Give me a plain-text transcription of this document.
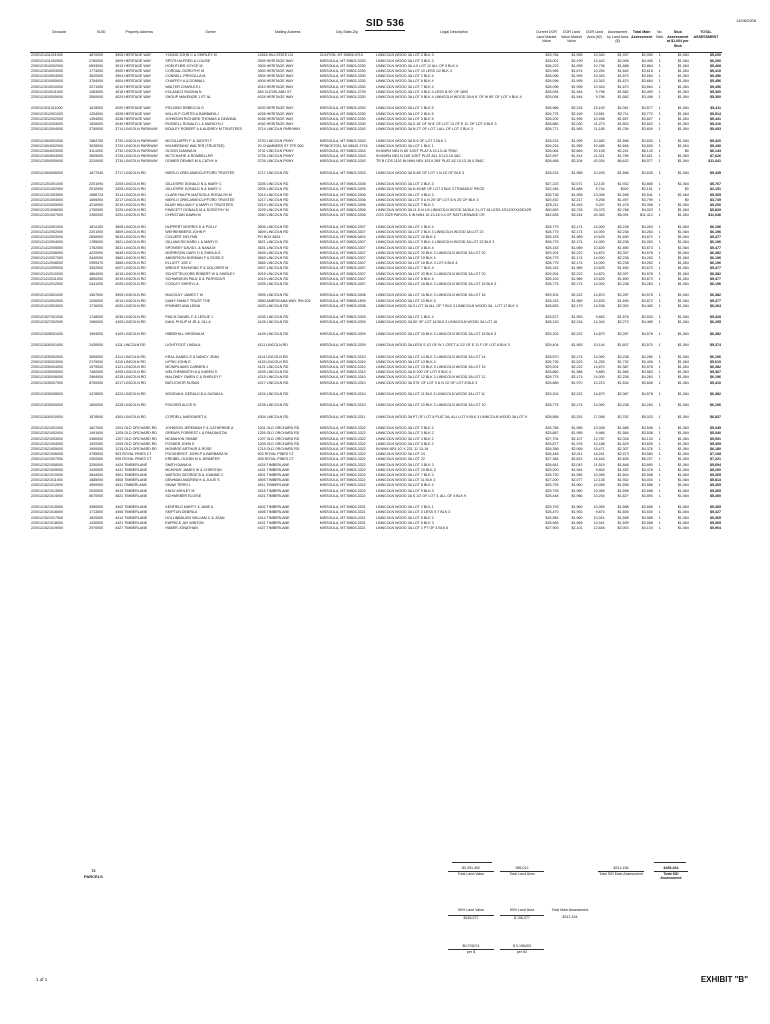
SID 536	11/06/2008
Geocode	SUID	Property Address	Owner	Mailing Address	City-State-Zip	Legal Description	Current DOR Land Market Value	DOR Land Value Market Value	DOR Land Area (ft2)	Assessment by Land Area ($)	Total Main Assessment	No. Bids	Stub Assessment at $1,064 per Stub	TOTAL ASSESSMENT
2200121411001000	4870000	3905 HERITAGE WAY	YOUNG JOHN C & SHIRLEY M	14516 HILLSTATE LN	CLINTON, MT 59825-9710	LINNCOLN WOOD 3A LOT 2 BLK 3	$25,756	$1,955	10,340	$1,937	$2,050	1	$1,064	$5,200
2200121411002000	2760000	3909 HERITAGE WAY	SPOTH ALFRED & LOUISE	3909 HERITAGE WAY	MISSOULA, MT 59803-3330	LINNCOLN WOOD 3A LOT 3 BLK 3	$26,001	$2,199	14,442	$2,008	$4,405	1	$1,064	$6,200
2200121510002000	6593000	3913 HERITAGE WAY	HOEHTHER JOYCE M	3904 HERITAGE WAY	MISSOULA, MT 59803-3330	LINNCOLN WOOD 3A 4-5 LOT 12 ALL OF 5 BLK 4	$26,223	$1,995	10,736	$1,688	$3,864	1	$1,064	$5,468
2200121510003000	1774000	3900 HERITAGE WAY	CORDIAL DOROTHY M	3900 HERITAGE WAY	MISSOULA, MT 59803-3330	LINNCOLN WOOD 3A LOT 10 LESS 1/2 BLK 4	$23,955	$1,674	10,254	$1,640	$3,615	1	$1,064	$5,410
2200121510004000	3520000	3904 HERITAGE WAY	CONNELL PRISCILLA M	3904 HERITAGE WAY	MISSOULA, MT 59803-3330	LINNCOLN WOOD 3A LOT 1 BLK 4	$26,096	$1,995	10,343	$1,670	$3,654	1	$1,064	$5,456
2200121510005000	3754000	4004 HERITAGE WAY	CHAFFEY A & DONNA L	4004 HERITAGE WAY	MISSOULA, MT 59803-3330	LINNCOLN WOOD 3A LOT 8 BLK 4	$26,096	$1,995	10,343	$1,670	$3,664	1	$1,064	$5,456
2200121510010000	2071000	4010 HERITAGE WAY	WALTER CHARLES L	4010 HERITAGE WAY	MISSOULA, MT 59803-3330	LINNCOLN WOOD 3A LOT 7 BLK 4	$26,096	$1,995	10,343	$1,670	$3,664	1	$1,064	$5,456
2200121510011000	1083000	4018 HERITAGE WAY	KOLANICZ RUDINA N	840 CLEVELAND ST	MISSOULA, MT 59801-3739	LINNCOLN WOOD 3A LOT 4 BLK 4 LESS N 90' OF 1800	$25,094	$1,944	9,796	$1,582	$3,490	1	$1,064	$5,300
2200121510005000	3500000	4024 HERITAGE WAY	SHOUP MAKENZIE J ET AL	4024 HERITAGE WAY	MISSOULA, MT 59803-3330	LINNCOLN WOOD 3A LOT 5 BLK 4 LINNCOLN WOOD 3A N 6' OF W 80' OF LOT 4 BLK 4	$25,094	$1,944	9,796	$1,582	$3,496	1	$1,064	$5,300

2200121511011000	1615000	4020 HERITAGE WAY	FIELDING REBECCA G	4020 HERITAGE WAY	MISSOULA, MT 59803-3330	LINNCOLN WOOD 3A LOT 1 BLK 5	$26,966	$2,234	15,100	$2,061	$4,577	1	$1,064	$5,411
2200121512001000	1254000	4028 HERITAGE WAY	WILLIS P CURTIS & BARBARA J	4028 HERITAGE WAY	MISSOULA, MT 59803-3330	LINNCOLN WOOD 3A LOT 2 BLK 5	$26,775	$2,169	13,551	$2,711	$3,770	1	$1,064	$5,514
2200121512002000	1394000	4036 HERITAGE WAY	JOHNSON RICHARD THOMAS & DEANNA	4036 HERITAGE WAY	MISSOULA, MT 59803-3330	LINNCOLN WOOD 3A LOT 3 BLK 5	$26,202	$1,995	10,498	$1,657	$3,827	1	$1,064	$5,441
2200121512003000	1526000	4040 HERITAGE WAY	RUSSELL RONALD L & MARILYN J	4040 HERITAGE WAY	MISSOULA, MT 59803-3330	LINNCOLN WOOD 3A S 15' OF W 8' OF LOT 13 OF E 11' OF LOT 5 BLK 3	$26,680	$2,030	11,273	$1,802	$3,602	1	$1,064	$5,416
2200121512004000	3750000	3714 LINCOLN PARKWAY	BOULEY ROBERT A & AUDREY M TRUSTEES	3714 LINCOLN PARKWAY	MISSOULA, MT 59803-3343	LINNCOLN WOOD 3A N 27' OF LOT 1 ALL OF LOT 2 BLK 3	$26,771	$1,983	11,185	$1,784	$3,609	1	$1,064	$5,403

2200121504001000	1584700	3720 LINCOLN PARKWAY	MCGILLAPRY F & JUDITH T	3720 LINCOLN PKWY	MISSOULA, MT 59803-3343	LINNCOLN WOOD 3A N 6 OF LOT 2 BLK 1	$26,224	$1,995	10,483	$1,666	$3,630	1	$1,064	$5,420
2200121504002000	3028000	3724 LINCOLN PARKWAY	WILMERDING WALTER (TRUSTEE)	20 CHAMBERS ST STE 500	PRINCETON, NJ 08542-3716	LINNCOLN WOOD 3A LOT 1 BLK 1	$26,224	$1,955	10,485	$1,666	$3,630	1	$1,064	$5,430
2200121504003000	3114000	3732 LINCOLN PARKWAY	OLSON DIANNA M	3732 LINCOLN PKWY	MISSOULA, MT 59803-3343	IN NWR4 NE4 N 85' 1/2ET PLAT A 10-13-16 TRAC	$26,064	$2,669	20,108	$2,241	$6,143	1	$0	$6,143
2200121504004000	3505000	3726 LINCOLN PARKWAY	MCTCHAFIE & ROMBELLER	3726 LINCOLN PKWY	MISSOULA, MT 59803-3343	IN NWR4 NE4 N 165' 1/2ET PLAT A11 10-13-16 4AC	$22,997	$1,914	11,021	$1,789	$3,821	1	$1,064	$7,626
2200121504005000	3220000	3734 LINCOLN PARKWAY	DOWER DENNIS M & CATHY A	3726 LINCOLN PKWY	MISSOULA, MT 59803-3343	TR B COS 1102 IN NW4 NE4 103 ft 265' PLAT A2 10-13-16 0.39AC	$26,468	$2,204	42,034	$6,632	$6,577	1	$1,064	$11,641

2200121504006000	1677040	3717 LINCOLN RD	NIERLO ORELANIE/CLIFFORD TRUSTEE	3717 LINCOLN RD	MISSOULA, MT 59803-3303	LINNCOLN WOOD 3A N 69' OF LOT 1 N 15' OF BLK 3	$26,224	$1,985	10,493	$1,666	$3,635	1	$1,064	$5,435

2200121201001000	2201094	3205 LINCOLN RD	GILLESPIE DONALD N & MARY C	3205 LINCOLN RD	MISSOULA, MT 59803-3305	LINNCOLN WOOD 3A LOT 2 BLK 3	$27,223	$2,071	12,130	$1,932	$3,865	1	$1,064	$5,767
2200121201002000	2010000	3205 LINCOLN RD	GILLESPIE DONALD N & MARY C	3205 LINCOLN RD	MISSOULA, MT 59803-3305	LINNCOLN WOOD 3A N 49.88' OF LOT 3 BLK 3 TRIANGLE PIECE	$22,346	$1,685	5,744	$920	$2,151	1	$0	$2,151
2200121201003000	1586724	3214 LINCOLN RD	CLARK RALPH MATSON & ROSALYN M	3214 LINCOLN RD	MISSOULA, MT 59803-3306	LINNCOLN WOOD 3A LOT 4 BLK 3	$26,736	$1,955	10,006	$1,596	$3,541	1	$1,064	$5,365
2200121201004000	1606000	3217 LINCOLN RD	NIERLO ORELANIE/CLIFFORD TRUSTEE	3217 LINCOLN RD	MISSOULA, MT 59803-3306	LINNCOLN WOOD 3A LOT 5 & N 25' OF LOT 6 N 25' OF BLK 3	$20,452	$2,217	9,256	$1,497	$3,799	1	$0	$3,749
2200121201005000	4210000	3219 LINCOLN RD	BLAIR WILLIAM F & MARY D TRUSTEES	3219 LINCOLN RD	MISSOULA, MT 59803-3306	LINNCOLN WOOD 3A LOT 7 BLK 3	$25,211	$1,916	9,207	$1,478	$3,396	1	$1,064	$5,200
2200121201006000	1750000	3225 LINCOLN RD	FAWCETT DONALD M & DOROTHY M	3225 LINCOLN RD	MISSOULA, MT 59803-3306	LINNCOLN WOOD 3A 11 & N 1/4 LINNCOLN WOOD 3A BLK 3 LOT 18 LESS 43'X100'X106'X2R	$30,653	$2,726	23,075	$2,768	$4,023	1	$1,064	$5,829
2200121201007000	2350000	3251 LINCOLN RD	CHRISTIAN DAWN M	3260 LINCOLN RD	MISSOULA, MT 59803-3306	COS 3329 PARCEL 6 IN NW4 10-13-16 0.4 OF RATTLESNAKE CR	$42,635	$3,244	40,363	$6,091	$11,412	1	$1,064	$11,046

2200121412001000	1814100	3605 LINCOLN RD	HUPPERT MORRIS D & POLLY	3605 LINCOLN RD	MISSOULA, MT 59803-3307	LINNCOLN WOOD 3A LOT 1 BLK 4	$28,775	$2,174	14,000	$2,238	$4,263	1	$1,064	$6,196
2200121412002000	2201000	3609 LINCOLN RD	WEHRENBERG JOHN P	3609 LINCOLN RD	MISSOULA, MT 59803-3307	LINNCOLN WOOD 3A LOT 2 BLK 3 LINNCOLN WOOD 3A LOT 23	$28,775	$2,174	14,000	$2,238	$4,263	1	$1,064	$6,196
2200121412003000	2650000	3615 LINCOLN RD	COLVERT DELYNN	PO BOX 5824	MISSOULA, MT 59806-5824	LINNCOLN WOOD 3A LOT 16 BLK 4	$26,153	$1,989	10,625	$1,690	$3,672	1	$1,064	$5,477
2200121412004000	1785000	3621 LINCOLN RD	GILLIAM RICHARD L & MARY D	3621 LINCOLN RD	MISSOULA, MT 59803-3307	LINNCOLN WOOD 3A LOT 3 BLK 4 LINNCOLN WOOD 3A LOT 22 BLK 3	$28,775	$2,174	14,000	$2,238	$4,263	1	$1,064	$6,196
2200121412005000	1762000	3631 LINCOLN RD	SPONSEY DAVID L & NANA M	3631 LINCOLN RD	MISSOULA, MT 59803-3307	LINNCOLN WOOD 3A LOT 4 BLK 4	$26,153	$1,989	10,625	$1,690	$3,673	1	$1,064	$5,477
2200121412006000	4220000	3645 LINCOLN RD	MORRISON GARY D & SHEILA G	3645 LINCOLN RD	MISSOULA, MT 59803-3307	LINNCOLN WOOD 3A LOT 20 BLK 3 LINNCOLN WOOD 3A LOT 20	$29,204	$2,222	14,870	$2,397	$4,578	1	$1,064	$6,382
2200121412007000	3440000	3663 LINCOLN RD	ANDERSON NORMAN F & ROSE E	3663 LINCOLN RD	MISSOULA, MT 59803-3307	LINNCOLN WOOD 3A LOT 19 BLK 4	$28,775	$2,174	14,000	$2,238	$4,263	1	$1,064	$6,196
2200121412008000	2959470	3665 LINCOLN RD	ELLIOTT JOE C	3665 LINCOLN RD	MISSOULA, MT 59803-3307	LINNCOLN WOOD 3A LOT 18 BLK 3 LOT 6 BLK 4	$28,775	$2,174	14,000	$2,238	$4,263	1	$1,064	$6,196
2200121412009000	3302000	4007 LINCOLN RD	WRIGHT RAYMOND P & DOLORES M	4007 LINCOLN RD	MISSOULA, MT 59803-3307	LINNCOLN WOOD 3A LOT 7 BLK 4	$26,153	$1,989	10,625	$1,690	$3,673	1	$1,064	$5,477
2200121412010000	4864000	4015 LINCOLN RD	SCHOTTELKORB ROBERT W & SHIRLEY	4015 LINCOLN RD	MISSOULA, MT 59803-3307	LINNCOLN WOOD 3A LOT 20 BLK 3 LINNCOLN WOOD 3A LOT 20	$29,204	$2,222	14,870	$2,397	$4,578	1	$1,064	$6,382
2200121412011000	4850000	4019 LINCOLN RD	SCHWINSON PAUL D & PATRICIA R	4019 LINCOLN RD	MISSOULA, MT 59803-3307	LINNCOLN WOOD 3A LOT 8 BLK 4	$26,153	$1,989	10,625	$1,690	$3,673	1	$1,064	$5,477
2200121412012000	2441000	4025 LINCOLN RD	COOLEY SHERYL A	4025 LINCOLN RD	MISSOULA, MT 59803-3307	LINNCOLN WOOD 3A LOT 18 BLK 3 LINNCOLN WOOD 3A LOT 15 BLK 3	$28,775	$2,174	14,000	$2,238	$4,263	1	$1,064	$6,196

2200121413001000	1557000	3905 LINCOLN RD	MACOULY JAMES T M	3905 LINCOLN RD	MISSOULA, MT 59803-3308	LINNCOLN WOOD 3A LOT 16 BLK 3 LINNCOLN WOOD 3A LOT 16	$29,204	$2,222	14,870	$2,287	$4,578	1	$1,064	$6,382
2200121413002000	1206000	4014 LINCOLN RD	DAMY FAMILY TRUST THE	3550 AMERICANA WAY, RM 204	MISSOULA, MT 59808-1509	LINNCOLN WOOD 3A LOT 10 BLK 5	$26,153	$1,989	10,625	$1,690	$3,672	1	$1,064	$5,477
2200121413003000	1716000	4020 LINCOLN RD	RYMNER ANA LEINA	4020 LINCOLN RD	MISSOULA, MT 59803-3308	LINNCOLN WOOD 3A S LOT 16 ALL OF 7 BLK 3 LINNCOLN WOOD 3A - LOT 17 BLK 3	$26,653	$2,179	14,536	$2,300	$4,483	1	$1,064	$6,264

2200121527001000	1748000	4035 LINCOLN RD	FINCH DANIEL F & LESLIE J	4035 LINCOLN RD	MISSOULA, MT 59803-3309	LINNCOLN WOOD 3A LOT 1 BLK 4	$25,572	$1,953	9,663	$1,578	$3,534	1	$1,064	$5,328
2200121527002000	1960000	4105 LINCOLN RD	DAHL PHILIP M JR & JILL A	4105 LINCOLN RD	MISSOULA, MT 59803-3309	LINNCOLN WOOD 3A 80' OF LOT 16 BLK 3 LINNCOLN WOOD 3A LOT 16	$28,120	$2,216	14,344	$2,273	$4,489	1	$1,064	$6,295

2200121528001000	1954000	4109 LINCOLN RD	HIBBEHILL VIRGINIA M	4109 LINCOLN RD	MISSOULA, MT 59803-3309	LINNCOLN WOOD 3A LOT 15 BLK 3 LINNCOLN WOOD 3A LOT 15 BLK 3	$29,204	$2,222	14,870	$2,287	$4,578	1	$1,064	$6,382

2200121530001000	2430000	4111 LINCOLN RD	LIGHTFOOT LINDA A	4111 LINCOLN RD	MISSOULA, MT 59803-3309	LINNCOLN WOOD 3A LESS S 10' OF W 1 CRCT & 1/2 OF E 11 F OF LOT 6 BLK 3	$29,404	$1,963	10,144	$1,607	$3,570	1	$1,064	$5,374

2200121530002000	3659000	4114 LINCOLN RD	KRAL DANIEL E & NANCY JEAN	4114 LINCOLN RD	MISSOULA, MT 59803-3310	LINNCOLN WOOD 3A LOT 14 BLK 3 LINNCOLN WOOD 3A LOT 14	$28,570	$2,174	14,000	$2,238	$4,260	1	$1,064	$6,196
2200121530003000	2179000	4115 LINCOLN RD	LIPSKI JOHN E	4115 LINCOLN RD	MISSOULA, MT 59803-3310	LINNCOLN WOOD 3A LOT 13 BLK 4	$26,735	$2,023	11,253	$1,732	$3,406	1	$1,064	$5,610
2200121530004000	1979000	4121 LINCOLN RD	MCWIRLIAMS CARMEN J	4121 LINCOLN RD	MISSOULA, MT 59803-3310	LINNCOLN WOOD 3A LOT 13 BLK 3 LINNCOLN WOOD 3A LOT 13	$29,204	$2,222	14,870	$2,387	$4,578	1	$1,064	$6,382
2200121530005000	7460000	4205 LINCOLN RD	WELTHEMINSTH A & KAREN S	4205 LINCOLN RD	MISSOULA, MT 59803-3310	LINNCOLN WOOD 3A N 100' OF LOT 9 BLK 4	$25,860	$1,988	9,850	$1,584	$3,563	1	$1,064	$5,367
2200121530006000	2984000	4215 LINCOLN RD	MALONEY OWEN C & SHIRLEY F	4215 LINCOLN RD	MISSOULA, MT 59803-3310	LINNCOLN WOOD 3A LOT 12 BLK 3 LINNCOLN WOOD 3A LOT 12	$28,775	$2,174	14,000	$2,238	$4,263	1	$1,064	$6,196
2200121530007000	8750000	4217 LINCOLN RD	BATLICHOR SUSAN	4217 LINCOLN RD	MISSOULA, MT 59803-3310	LINNCOLN WOOD 3A S75' OF LOT 9 & N 10' OF LOT 8 BLK 3	$25,685	$1,970	10,213	$1,634	$3,606	1	$1,064	$5,410

2200121530008000	2478000	4224 LINCOLN RD	WOODAHL GERALD B & SUSAN A	4224 LINCOLN RD	MISSOULA, MT 59803-3310	LINNCOLN WOOD 3A LOT 11 BLK 3 LINNCOLN WOOD 3A LOT 11	$29,204	$2,222	14,870	$2,387	$4,578	1	$1,064	$6,382

2200121530009000	1500000	4228 LINCOLN RD	FISCHER ALICE B	4228 LINCOLN RD	MISSOULA, MT 59803-3310	LINNCOLN WOOD 3A LOT 10 BLK 3 LINNCOLN WOOD 3A LOT 10	$28,775	$2,174	14,000	$2,238	$4,263	1	$1,064	$6,196

2200121530010000	1578000	4304 LINCOLN RD	COPDELL MARGARET A	4304 LINCOLN RD	MISSOULA, MT 59803-3311	LINNCOLN WOOD 3A PT OF LOT 8 PLAT 3A, ALL LOT 9 BLK 3 LINNCOLN WOOD 3A LOT 9	$28,568	$2,251	17,058	$2,782	$5,033	1	$1,064	$6,837

2200121521001000	1627000	1201 OLD ORCHARD RD	JOHNSON JEREMIAH F & CATHERINE A	1201 OLD ORCHARD RD	MISSOULA, MT 59803-3322	LINNCOLN WOOD 3A LOT 2 BLK 2	$25,756	$1,955	10,008	$1,586	$3,546	1	$1,064	$5,345
2200121521002000	1491000	1205 OLD ORCHARD RD	GREWIS FORREST L & PAMJANTOA	1205 OLD ORCHARD RD	MISSOULA, MT 59803-3322	LINNCOLN WOOD 3A LOT 3 BLK 2	$25,687	$1,955	9,966	$1,584	$3,538	1	$1,064	$5,340
2200121521003000	2980000	1207 OLD ORCHARD RD	MCMAHON SHANE	1207 OLD ORCHARD RD	MISSOULA, MT 59803-3322	LINNCOLN WOOD 3A LOT 4 BLK 2	$27,704	$2,107	12,787	$2,028	$4,133	1	$1,064	$5,931
2200121521004000	1920000	1209 OLD ORCHARD RD	FOSHER JOHN E	1209 OLD ORCHARD RD	MISSOULA, MT 59803-3322	LINNCOLN WOOD 3A LOT 5 BLK 2	$25,877	$1,976	10,188	$1,629	$3,605	1	$1,064	$5,409
2200121521005000	1900000	1215 OLD ORCHARD RD	MONROE ARTHUR & ROSE	1215 OLD ORCHARD RD	MISSOULA, MT 59803-3322	IN NW4 NE4 10' X 231' 11 13-16	$26,356	$2,069	15,471	$2,307	$4,376	1	$1,064	$6,180
2200121521006000	4755000	903 ROYAL PINES CT	FOCKHEROT JOHN P & BARBARA W	903 ROYAL PINES CT	MISSOULA, MT 59803-3322	LINNCOLN WOOD 3A LOT 24	$26,446	$2,011	16,241	$2,573	$4,584	1	$1,064	$7,108
2200121521007000	2300000	905 ROYAL PINES CT	KREIBEL GLENN M & JENNIFER	905 ROYAL PINES CT	MISSOULA, MT 59803-3322	LINNCOLN WOOD 3A LOT 22	$27,384	$2,622	16,444	$2,605	$5,227	1	$1,064	$7,221
2200121521008000	3250000	4424 TIMBERLANE	SMITH DANA M	4424 TIMBERLANE	MISSOULA, MT 59803-3322	LINNCOLN WOOD 3A LOT 3 BLK 3	$26,641	$2,042	11,519	$1,848	$3,890	1	$1,064	$5,694
2200121521009000	2430000	4431 TIMBERLANE	MCKINNY JAMES W & CHRISTAN	4431 TIMBERLANE	MISSOULA, MT 59803-3322	LINNCOLN WOOD 3A LOT 15 BLK 3	$25,200	$1,944	9,604	$1,532	$3,476	1	$1,064	$5,260
2200121521010000	3844000	4501 TIMBERLANE	WATSON GEORGE B & JOANNE C	4501 TIMBERLANE	MISSOULA, MT 59803-3322	LINNCOLN WOOD 3A LOT 7 BLK 3	$25,730	$1,955	10,059	$1,604	$3,558	1	$1,064	$5,365
2200121521011000	1685000	4505 TIMBERLANE	DEWMAN ANDREW K & JULIE S	4505 TIMBERLANE	MISSOULA, MT 59803-3322	LINNCOLN WOOD 3A LOT 11 BLK 3	$27,200	$2,077	12,135	$1,932	$4,003	1	$1,064	$5,813
2200121521012000	4900000	4511 TIMBERLANE	SHAW TERRI L	4511 TIMBERLANE	MISSOULA, MT 59803-3322	LINNCOLN WOOD 3A LOT 8 BLK 3	$25,793	$1,960	10,055	$1,598	$3,558	1	$1,064	$5,365
2200121521013000	2000000	4515 TIMBERLANE	KNOX ASHLEY M	4515 TIMBERLANE	MISSOULA, MT 59803-3322	LINNCOLN WOOD 3A LOT 9 BLK 3	$25,793	$1,960	10,055	$1,598	$3,558	1	$1,064	$5,365
2200121521014000	8570000	4521 TIMBERLANE	SCHWIEBER ELOISE	4521 TIMBERLANE	MISSOULA, MT 59803-3322	LINNCOLN WOOD 3A S 1/2 OF LOT 3, ALL OF 4 BLK 9	$25,448	$1,966	10,204	$1,627	$3,593	1	$1,064	$5,400

2200121521015000	3980000	4402 TIMBERLANE	KENFIELD MARTY & JANE A	4402 TIMBERLANE	MISSOULA, MT 59803-3321	LINNCOLN WOOD 3A LOT 2 BLK 1	$25,793	$1,960	10,055	$1,588	$3,558	1	$1,064	$5,365
2200121521016000	1713000	4406 TIMBERLANE	SKIPTUN DEBRA A	4406 TIMBERLANE	MISSOULA, MT 59803-3321	LINNCOLN WOOD 3A LOT 3 LESS S 7 BLK 3	$25,470	$1,953	9,873	$1,606	$3,530	1	$1,064	$5,327
2200121521017000	1620000	4414 TIMBERLANE	HOLLINBAUGH WILLIAM C & JOAN	4414 TIMBERLANE	MISSOULA, MT 59803-3321	LINNCOLN WOOD 3A LOT 5 BLK 3	$25,983	$1,960	10,041	$1,598	$3,558	1	$1,064	$5,365
2200121521018000	1430000	4421 TIMBERLANE	EAPRICK JAY WINTON	4421 TIMBERLANE	MISSOULA, MT 59803-3321	LINNCOLN WOOD 3A LOT 6 BLK 3	$25,983	$1,965	10,041	$1,599	$3,558	1	$1,064	$5,365
2200121521019000	2970000	4427 TIMBERLANE	HABER JONATHAN	4427 TIMBERLANE	MISSOULA, MT 59803-3321	LINNCOLN WOOD 3A LOT 1 PT OF 4 BLK 6	$27,903	$2,101	12,645	$2,003	$4,104	1	$1,064	$5,904
72
PARCELS
$2,051,492
Total Land Value
985,012
Total Land Area
$312,156
Total SID Main Assessment
$456,264
Total SID Assessment
50% Land Value
$156,077
50% Land Area
$ 156,077
Total Main Assessment
$312,154
$0.076074
per $
$ 0.158403
per ft2
1 of 1	EXHIBIT "B"
